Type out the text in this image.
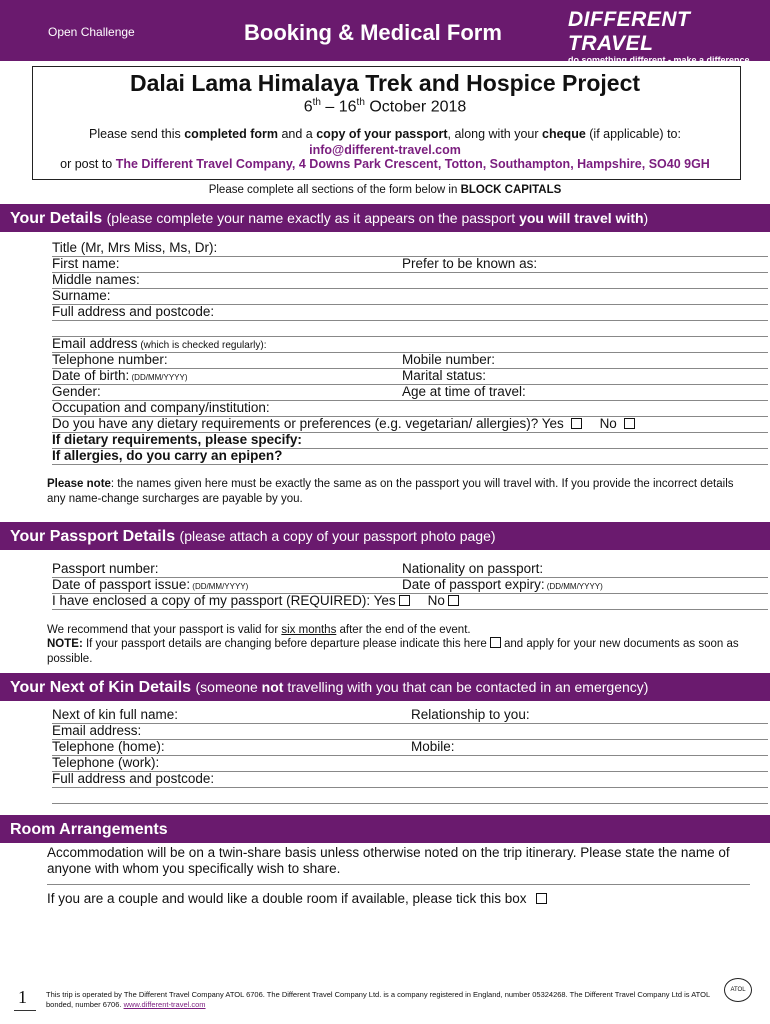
Open Challenge	Booking & Medical Form
DIFFERENT TRAVEL
do something different - make a difference
www.different-travel.com
Dalai Lama Himalaya Trek and Hospice Project
6th – 16th October 2018
Please send this completed form and a copy of your passport, along with your cheque (if applicable) to:
info@different-travel.com
or post to The Different Travel Company, 4 Downs Park Crescent, Totton, Southampton, Hampshire, SO40 9GH
Please complete all sections of the form below in BLOCK CAPITALS
Your Details (please complete your name exactly as it appears on the passport you will travel with)
Title (Mr, Mrs Miss, Ms, Dr):
First name:	Prefer to be known as:
Middle names:
Surname:
Full address and postcode:
Email address (which is checked regularly):
Telephone number:	Mobile number:
Date of birth: (DD/MM/YYYY)	Marital status:
Gender:	Age at time of travel:
Occupation and company/institution:
Do you have any dietary requirements or preferences (e.g. vegetarian/ allergies)? Yes	No
If dietary requirements, please specify:
If allergies, do you carry an epipen?
Please note: the names given here must be exactly the same as on the passport you will travel with. If you provide the incorrect details any name-change surcharges are payable by you.
Your Passport Details (please attach a copy of your passport photo page)
Passport number:	Nationality on passport:
Date of passport issue: (DD/MM/YYYY)	Date of passport expiry: (DD/MM/YYYY)
I have enclosed a copy of my passport (REQUIRED): Yes No
We recommend that your passport is valid for six months after the end of the event.
NOTE: If your passport details are changing before departure please indicate this here and apply for your new documents as soon as possible.
Your Next of Kin Details (someone not travelling with you that can be contacted in an emergency)
Next of kin full name:	Relationship to you:
Email address:
Telephone (home):	Mobile:
Telephone (work):
Full address and postcode:
Room Arrangements
Accommodation will be on a twin-share basis unless otherwise noted on the trip itinerary. Please state the name of anyone with whom you specifically wish to share.
If you are a couple and would like a double room if available, please tick this box
1	This trip is operated by The Different Travel Company ATOL 6706. The Different Travel Company Ltd. is a company registered in England, number 05324268. The Different Travel Company Ltd is ATOL bonded, number 6706. www.different-travel.com
ATOL
